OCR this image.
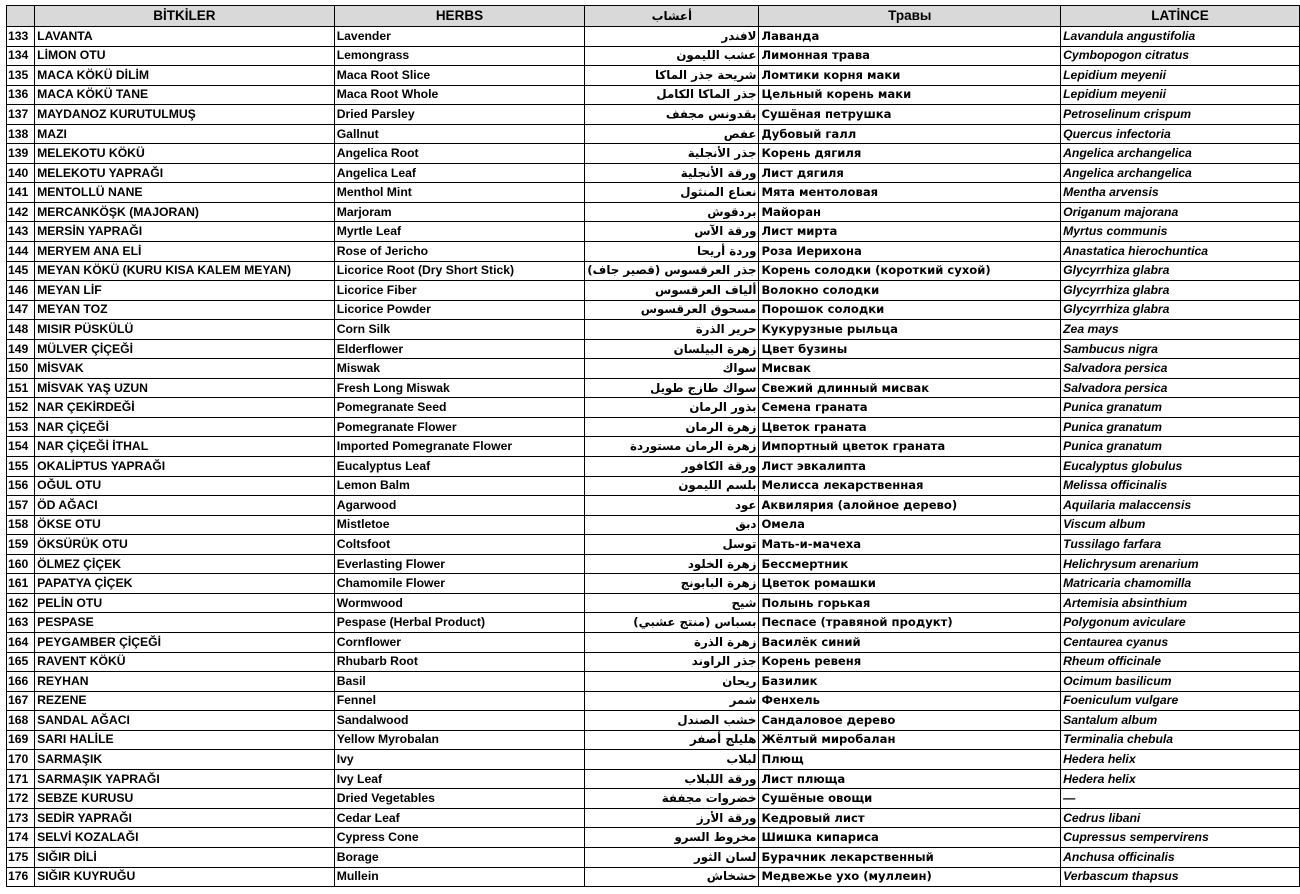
	BİTKİLER	HERBS	أعشاب	Травы	LATİNCE
133	LAVANTA	Lavender	لافندر	Лаванда	Lavandula angustifolia
134	LİMON OTU	Lemongrass	عشب الليمون	Лимонная трава	Cymbopogon citratus
135	MACA KÖKÜ DİLİM	Maca Root Slice	شريحة جذر الماكا	Ломтики корня маки	Lepidium meyenii
136	MACA KÖKÜ TANE	Maca Root Whole	جذر الماكا الكامل	Цельный корень маки	Lepidium meyenii
137	MAYDANOZ KURUTULMUŞ	Dried Parsley	بقدونس مجفف	Сушёная петрушка	Petroselinum crispum
138	MAZI	Gallnut	عفص	Дубовый галл	Quercus infectoria
139	MELEKOTU KÖKÜ	Angelica Root	جذر الأنجلية	Корень дягиля	Angelica archangelica
140	MELEKOTU YAPRAĞI	Angelica Leaf	ورقة الأنجلية	Лист дягиля	Angelica archangelica
141	MENTOLLÜ NANE	Menthol Mint	نعناع المنثول	Мята ментоловая	Mentha arvensis
142	MERCANKÖŞK (MAJORAN)	Marjoram	بردقوش	Майоран	Origanum majorana
143	MERSİN YAPRAĞI	Myrtle Leaf	ورقة الآس	Лист мирта	Myrtus communis
144	MERYEM ANA ELİ	Rose of Jericho	وردة أريحا	Роза Иерихона	Anastatica hierochuntica
145	MEYAN KÖKÜ (KURU KISA KALEM MEYAN)	Licorice Root (Dry Short Stick)	جذر العرقسوس (قصير جاف)	Корень солодки (короткий сухой)	Glycyrrhiza glabra
146	MEYAN LİF	Licorice Fiber	ألياف العرقسوس	Волокно солодки	Glycyrrhiza glabra
147	MEYAN TOZ	Licorice Powder	مسحوق العرقسوس	Порошок солодки	Glycyrrhiza glabra
148	MISIR PÜSKÜLÜ	Corn Silk	حرير الذرة	Кукурузные рыльца	Zea mays
149	MÜLVER ÇİÇEĞİ	Elderflower	زهرة البيلسان	Цвет бузины	Sambucus nigra
150	MİSVAK	Miswak	سواك	Мисвак	Salvadora persica
151	MİSVAK YAŞ UZUN	Fresh Long Miswak	سواك طازج طويل	Свежий длинный мисвак	Salvadora persica
152	NAR ÇEKİRDEĞİ	Pomegranate Seed	بذور الرمان	Семена граната	Punica granatum
153	NAR ÇİÇEĞİ	Pomegranate Flower	زهرة الرمان	Цветок граната	Punica granatum
154	NAR ÇİÇEĞİ İTHAL	Imported Pomegranate Flower	زهرة الرمان مستوردة	Импортный цветок граната	Punica granatum
155	OKALİPTUS YAPRAĞI	Eucalyptus Leaf	ورقة الكافور	Лист эвкалипта	Eucalyptus globulus
156	OĞUL OTU	Lemon Balm	بلسم الليمون	Мелисса лекарственная	Melissa officinalis
157	ÖD AĞACI	Agarwood	عود	Аквилярия (алойное дерево)	Aquilaria malaccensis
158	ÖKSE OTU	Mistletoe	دبق	Омела	Viscum album
159	ÖKSÜRÜK OTU	Coltsfoot	توسل	Мать-и-мачеха	Tussilago farfara
160	ÖLMEZ ÇİÇEK	Everlasting Flower	زهرة الخلود	Бессмертник	Helichrysum arenarium
161	PAPATYA ÇİÇEK	Chamomile Flower	زهرة البابونج	Цветок ромашки	Matricaria chamomilla
162	PELİN OTU	Wormwood	شيح	Полынь горькая	Artemisia absinthium
163	PESPASE	Pespase (Herbal Product)	بسباس (منتج عشبي)	Песпасе (травяной продукт)	Polygonum aviculare
164	PEYGAMBER ÇİÇEĞİ	Cornflower	زهرة الذرة	Василёк синий	Centaurea cyanus
165	RAVENT KÖKÜ	Rhubarb Root	جذر الراوند	Корень ревеня	Rheum officinale
166	REYHAN	Basil	ريحان	Базилик	Ocimum basilicum
167	REZENE	Fennel	شمر	Фенхель	Foeniculum vulgare
168	SANDAL AĞACI	Sandalwood	خشب الصندل	Сандаловое дерево	Santalum album
169	SARI HALİLE	Yellow Myrobalan	هليلج أصفر	Жёлтый миробалан	Terminalia chebula
170	SARMAŞIK	Ivy	لبلاب	Плющ	Hedera helix
171	SARMAŞIK YAPRAĞI	Ivy Leaf	ورقة اللبلاب	Лист плюща	Hedera helix
172	SEBZE KURUSU	Dried Vegetables	خضروات مجففة	Сушёные овощи	—
173	SEDİR YAPRAĞI	Cedar Leaf	ورقة الأرز	Кедровый лист	Cedrus libani
174	SELVİ KOZALAĞI	Cypress Cone	مخروط السرو	Шишка кипариса	Cupressus sempervirens
175	SIĞIR DİLİ	Borage	لسان الثور	Бурачник лекарственный	Anchusa officinalis
176	SIĞIR KUYRUĞU	Mullein	خشخاش	Медвежье ухо (муллеин)	Verbascum thapsus
